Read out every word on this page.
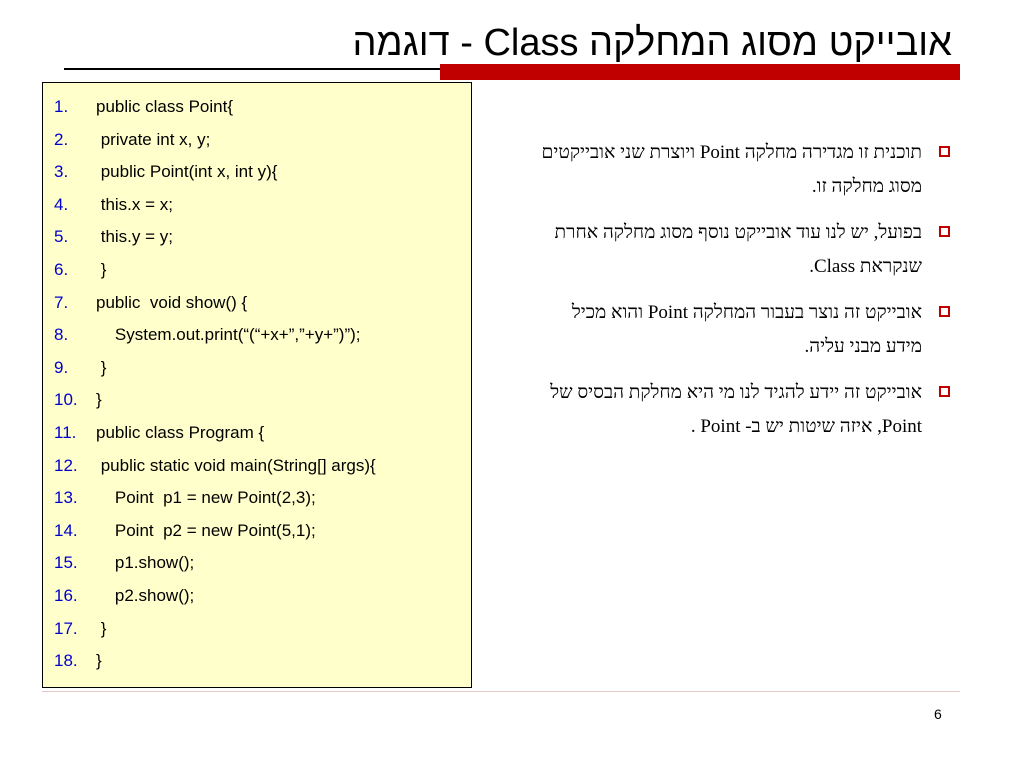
אובייקט מסוג המחלקה Class - דוגמה
1. public class Point{
2. private int x, y;
3. public Point(int x, int y){
4. this.x = x;
5. this.y = y;
6. }
7. public  void show() {
8. System.out.print(“(“+x+”,”+y+”)”);
9. }
10. }
11. public class Program {
12. public static void main(String[] args){
13. Point  p1 = new Point(2,3);
14. Point  p2 = new Point(5,1);
15. p1.show();
16. p2.show();
17. }
18. }
תוכנית זו מגדירה מחלקה Point ויוצרת שני אובייקטים מסוג מחלקה זו.
בפועל, יש לנו עוד אובייקט נוסף מסוג מחלקה אחרת שנקראת Class.
אובייקט זה נוצר בעבור המחלקה Point והוא מכיל מידע מבני עליה.
אובייקט זה יידע להגיד לנו מי היא מחלקת הבסיס של Point, איזה שיטות יש ב- Point .
6
